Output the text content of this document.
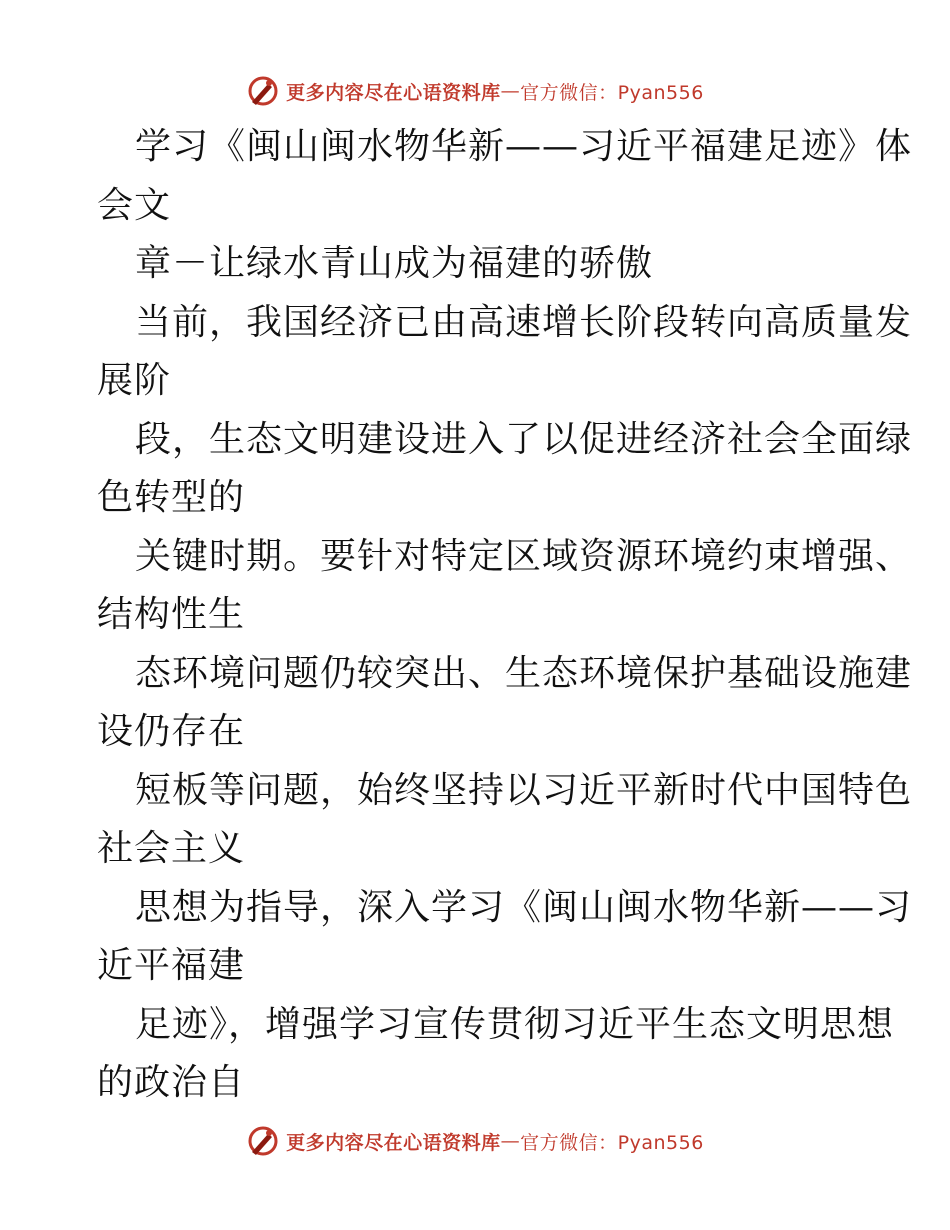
更多内容尽在心语资料库 — 官方微信：Pyan556
学习《闽山闽水物华新——习近平福建足迹》体
会文
章－让绿水青山成为福建的骄傲
当前，我国经济已由高速增长阶段转向高质量发
展阶
段，生态文明建设进入了以促进经济社会全面绿
色转型的
关键时期。要针对特定区域资源环境约束增强、
结构性生
态环境问题仍较突出、生态环境保护基础设施建
设仍存在
短板等问题，始终坚持以习近平新时代中国特色
社会主义
思想为指导，深入学习《闽山闽水物华新——习
近平福建
足迹》，增强学习宣传贯彻习近平生态文明思想
的政治自
更多内容尽在心语资料库 — 官方微信：Pyan556
